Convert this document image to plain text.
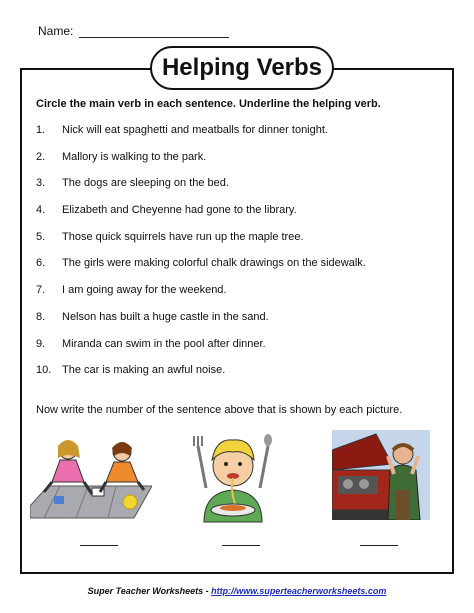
Name:
Helping Verbs
Circle the main verb in each sentence. Underline the helping verb.
1.	Nick will eat spaghetti and meatballs for dinner tonight.
2.	Mallory is walking to the park.
3.	The dogs are sleeping on the bed.
4.	Elizabeth and Cheyenne had gone to the library.
5.	Those quick squirrels have run up the maple tree.
6.	The girls were making colorful chalk drawings on the sidewalk.
7.	I am going away for the weekend.
8.	Nelson has built a huge castle in the sand.
9.	Miranda can swim in the pool after dinner.
10. The car is making an awful noise.
Now write the number of the sentence above that is shown by each picture.
Super Teacher Worksheets - http://www.superteacherworksheets.com
